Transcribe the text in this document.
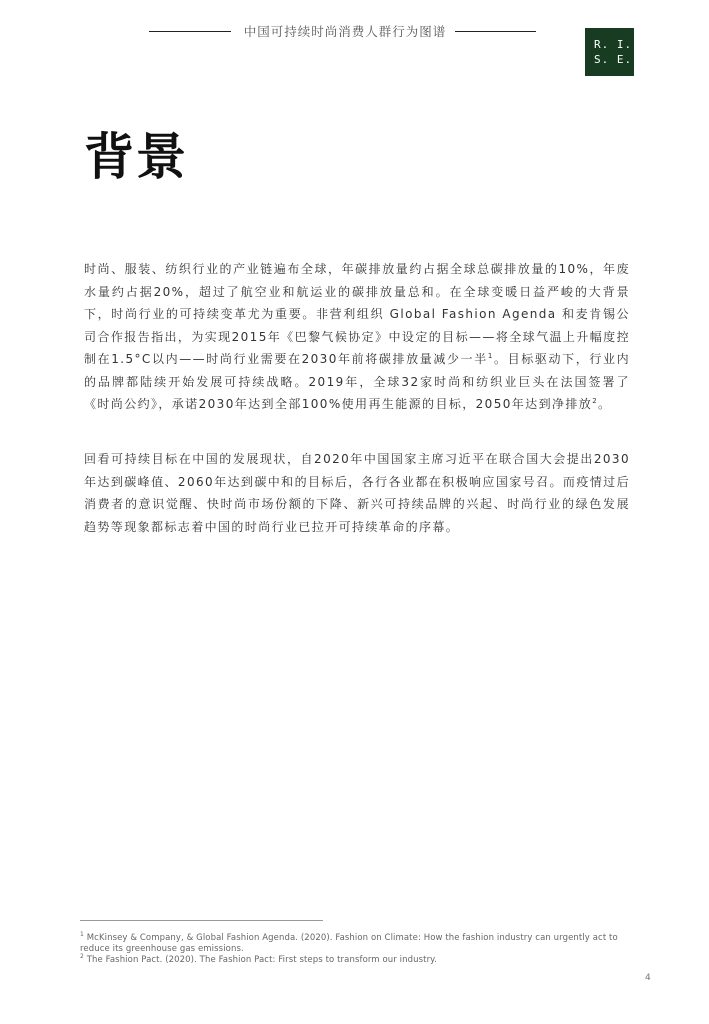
中国可持续时尚消费人群行为图谱
R. I.
S. E.
背景

时尚、服装、纺织行业的产业链遍布全球，年碳排放量约占据全球总碳排放量的10%，年废水量约占据20%，超过了航空业和航运业的碳排放量总和。在全球变暖日益严峻的大背景下，时尚行业的可持续变革尤为重要。非营利组织 Global Fashion Agenda 和麦肯锡公司合作报告指出，为实现2015年《巴黎气候协定》中设定的目标——将全球气温上升幅度控制在1.5°C以内——时尚行业需要在2030年前将碳排放量减少一半$^1$。目标驱动下，行业内的品牌都陆续开始发展可持续战略。2019年，全球32家时尚和纺织业巨头在法国签署了《时尚公约》，承诺2030年达到全部100%使用再生能源的目标，2050年达到净排放$^2$。

回看可持续目标在中国的发展现状，自2020年中国国家主席习近平在联合国大会提出2030年达到碳峰值、2060年达到碳中和的目标后，各行各业都在积极响应国家号召。而疫情过后消费者的意识觉醒、快时尚市场份额的下降、新兴可持续品牌的兴起、时尚行业的绿色发展趋势等现象都标志着中国的时尚行业已拉开可持续革命的序幕。

$^1$ McKinsey & Company, & Global Fashion Agenda. (2020). Fashion on Climate: How the fashion industry can urgently act to reduce its greenhouse gas emissions.
$^2$ The Fashion Pact. (2020). The Fashion Pact: First steps to transform our industry.
4
